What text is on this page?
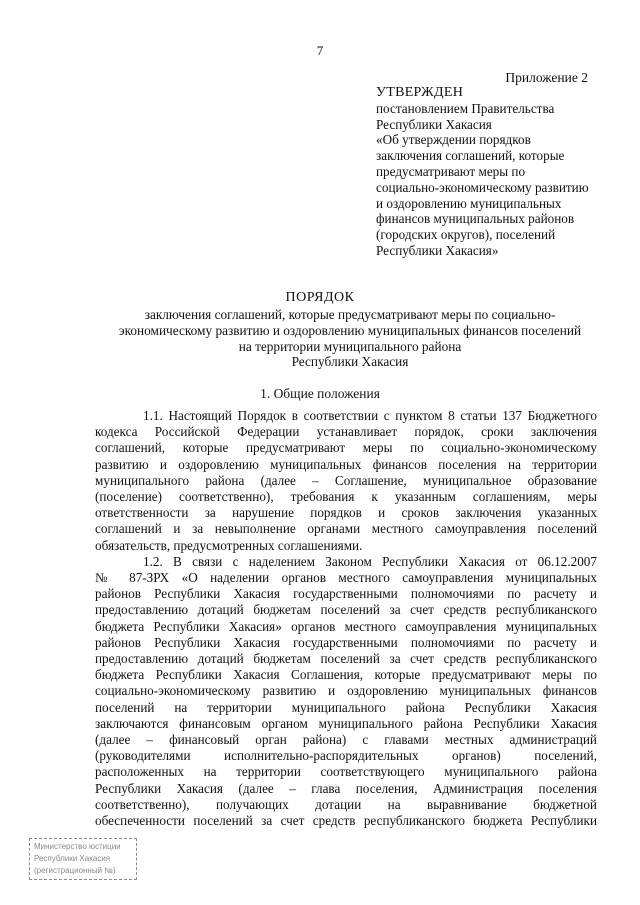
7
Приложение 2
УТВЕРЖДЕН
постановлением Правительства
Республики Хакасия
«Об утверждении порядков
заключения соглашений, которые
предусматривают меры по
социально-экономическому развитию
и оздоровлению муниципальных
финансов муниципальных районов
(городских округов), поселений
Республики Хакасия»
ПОРЯДОК
заключения соглашений, которые предусматривают меры по социально-
экономическому развитию и оздоровлению муниципальных финансов поселений
на территории муниципального района
Республики Хакасия
1. Общие положения
1.1. Настоящий Порядок в соответствии с пунктом 8 статьи 137 Бюджетного
кодекса Российской Федерации устанавливает порядок, сроки заключения
соглашений, которые предусматривают меры по социально-экономическому
развитию и оздоровлению муниципальных финансов поселения на территории
муниципального района (далее – Соглашение, муниципальное образование
(поселение) соответственно), требования к указанным соглашениям, меры
ответственности за нарушение порядков и сроков заключения указанных
соглашений и за невыполнение органами местного самоуправления поселений
обязательств, предусмотренных соглашениями.
1.2. В связи с наделением Законом Республики Хакасия от 06.12.2007
№ 87-ЗРХ «О наделении органов местного самоуправления муниципальных
районов Республики Хакасия государственными полномочиями по расчету и
предоставлению дотаций бюджетам поселений за счет средств республиканского
бюджета Республики Хакасия» органов местного самоуправления муниципальных
районов Республики Хакасия государственными полномочиями по расчету и
предоставлению дотаций бюджетам поселений за счет средств республиканского
бюджета Республики Хакасия Соглашения, которые предусматривают меры по
социально-экономическому развитию и оздоровлению муниципальных финансов
поселений на территории муниципального района Республики Хакасия
заключаются финансовым органом муниципального района Республики Хакасия
(далее – финансовый орган района) с главами местных администраций
(руководителями исполнительно-распорядительных органов) поселений,
расположенных на территории соответствующего муниципального района
Республики Хакасия (далее – глава поселения, Администрация поселения
соответственно), получающих дотации на выравнивание бюджетной
обеспеченности поселений за счет средств республиканского бюджета Республики
Министерство юстиции
Республики Хакасия
(регистрационный №)
